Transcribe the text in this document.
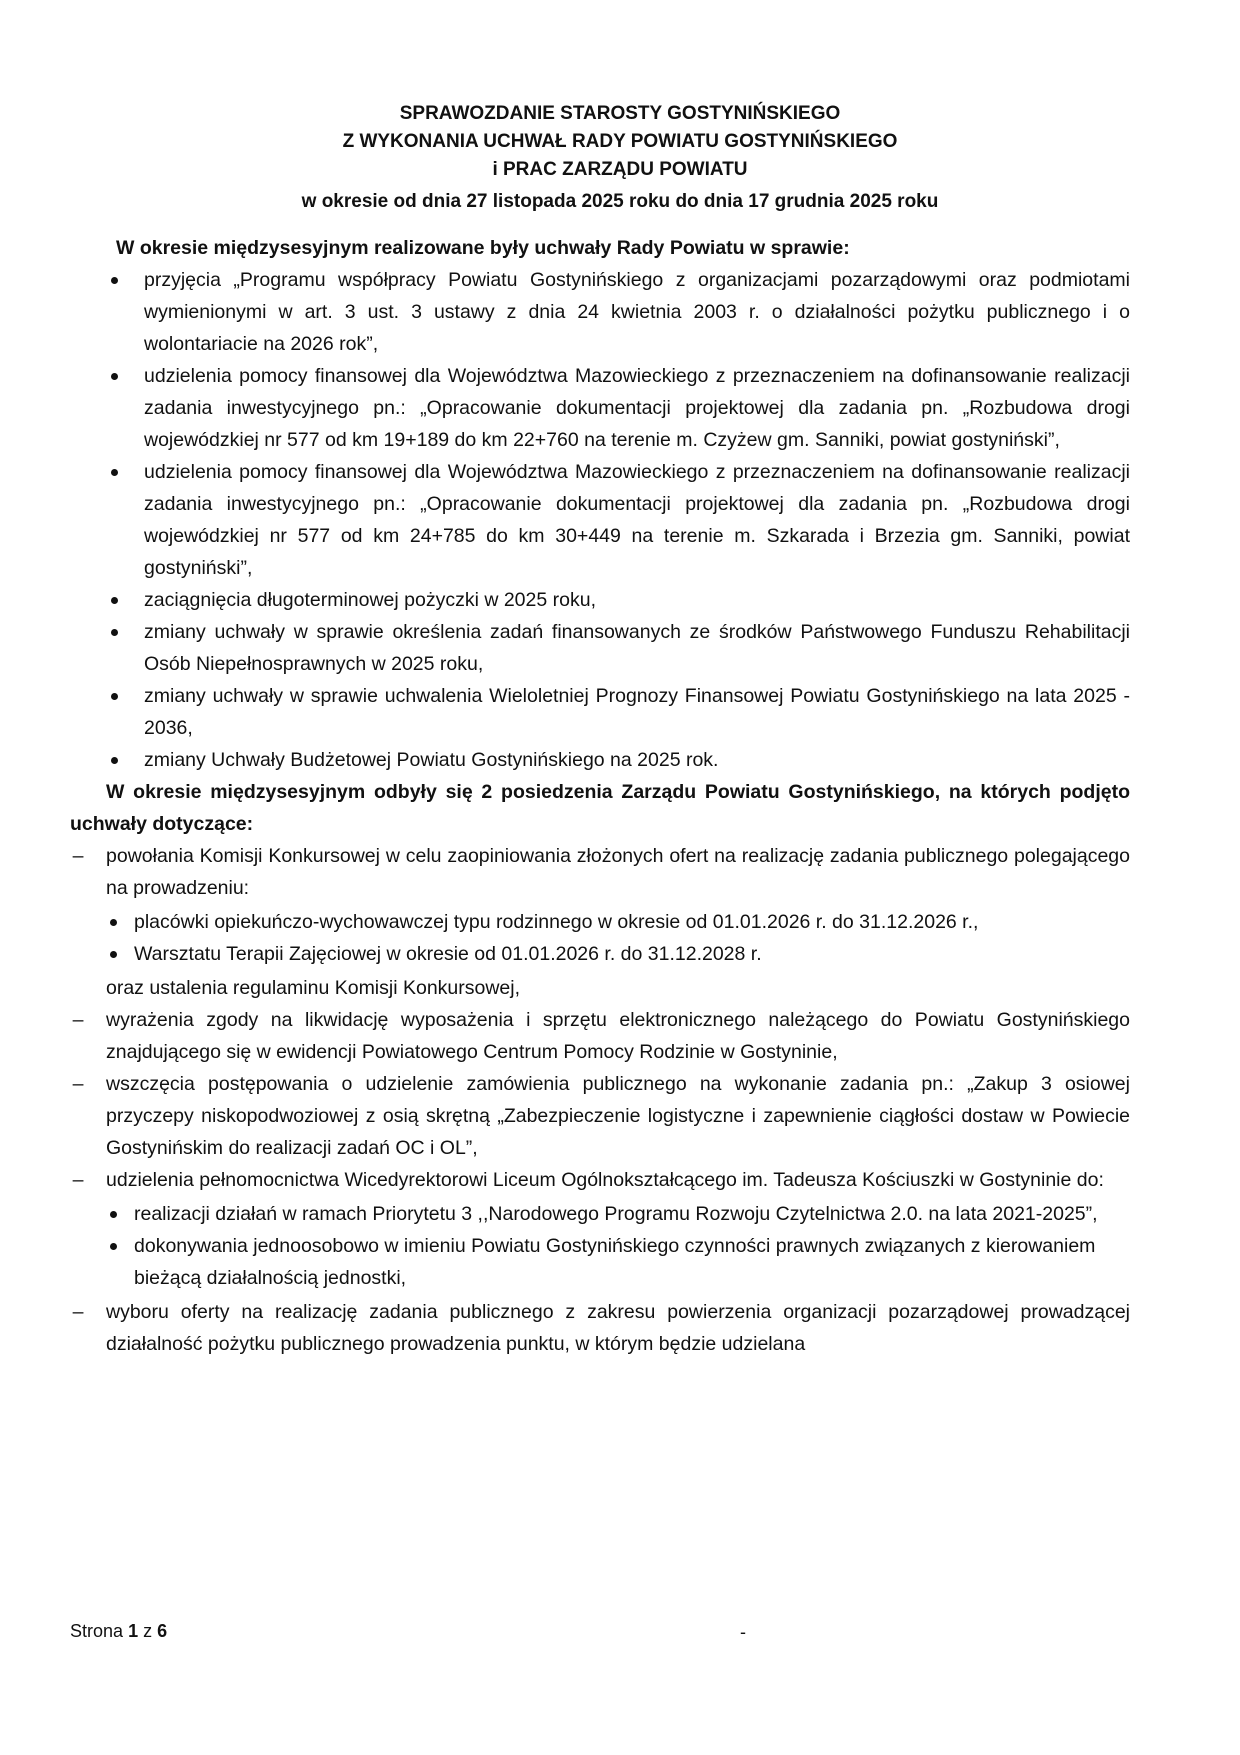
SPRAWOZDANIE STAROSTY GOSTYNIŃSKIEGO
Z WYKONANIA UCHWAŁ RADY POWIATU GOSTYNIŃSKIEGO
i PRAC ZARZĄDU POWIATU
w okresie od dnia 27 listopada 2025 roku do dnia 17 grudnia 2025 roku
W okresie międzysesyjnym realizowane były uchwały Rady Powiatu w sprawie:
przyjęcia „Programu współpracy Powiatu Gostynińskiego z organizacjami pozarządowymi oraz podmiotami wymienionymi w art. 3 ust. 3 ustawy z dnia 24 kwietnia 2003 r. o działalności pożytku publicznego i o wolontariacie na 2026 rok”,
udzielenia pomocy finansowej dla Województwa Mazowieckiego z przeznaczeniem na dofinansowanie realizacji zadania inwestycyjnego pn.: „Opracowanie dokumentacji projektowej dla zadania pn. „Rozbudowa drogi wojewódzkiej nr 577 od km 19+189 do km 22+760 na terenie m. Czyżew gm. Sanniki, powiat gostyniński”,
udzielenia pomocy finansowej dla Województwa Mazowieckiego z przeznaczeniem na dofinansowanie realizacji zadania inwestycyjnego pn.: „Opracowanie dokumentacji projektowej dla zadania pn. „Rozbudowa drogi wojewódzkiej nr 577 od km 24+785 do km 30+449 na terenie m. Szkarada i Brzezia gm. Sanniki, powiat gostyniński”,
zaciągnięcia długoterminowej pożyczki w 2025 roku,
zmiany uchwały w sprawie określenia zadań finansowanych ze środków Państwowego Funduszu Rehabilitacji Osób Niepełnosprawnych w 2025 roku,
zmiany uchwały w sprawie uchwalenia Wieloletniej Prognozy Finansowej Powiatu Gostynińskiego na lata 2025 - 2036,
zmiany Uchwały Budżetowej Powiatu Gostynińskiego na 2025 rok.
W okresie międzysesyjnym odbyły się 2 posiedzenia Zarządu Powiatu Gostynińskiego, na których podjęto uchwały dotyczące:
– powołania Komisji Konkursowej w celu zaopiniowania złożonych ofert na realizację zadania publicznego polegającego na prowadzeniu:
placówki opiekuńczo-wychowawczej typu rodzinnego w okresie od 01.01.2026 r. do 31.12.2026 r.,
Warsztatu Terapii Zajęciowej w okresie od 01.01.2026 r. do 31.12.2028 r.
oraz ustalenia regulaminu Komisji Konkursowej,
– wyrażenia zgody na likwidację wyposażenia i sprzętu elektronicznego należącego do Powiatu Gostynińskiego znajdującego się w ewidencji Powiatowego Centrum Pomocy Rodzinie w Gostyninie,
– wszczęcia postępowania o udzielenie zamówienia publicznego na wykonanie zadania pn.: „Zakup 3 osiowej przyczepy niskopodwoziowej z osią skrętną „Zabezpieczenie logistyczne i zapewnienie ciągłości dostaw w Powiecie Gostynińskim do realizacji zadań OC i OL”,
– udzielenia pełnomocnictwa Wicedyrektorowi Liceum Ogólnokształcącego im. Tadeusza Kościuszki w Gostyninie do:
realizacji działań w ramach Priorytetu 3 ,,Narodowego Programu Rozwoju Czytelnictwa 2.0. na lata 2021-2025”,
dokonywania jednoosobowo w imieniu Powiatu Gostynińskiego czynności prawnych związanych z kierowaniem bieżącą działalnością jednostki,
– wyboru oferty na realizację zadania publicznego z zakresu powierzenia organizacji pozarządowej prowadzącej działalność pożytku publicznego prowadzenia punktu, w którym będzie udzielana
Strona 1 z 6	-
